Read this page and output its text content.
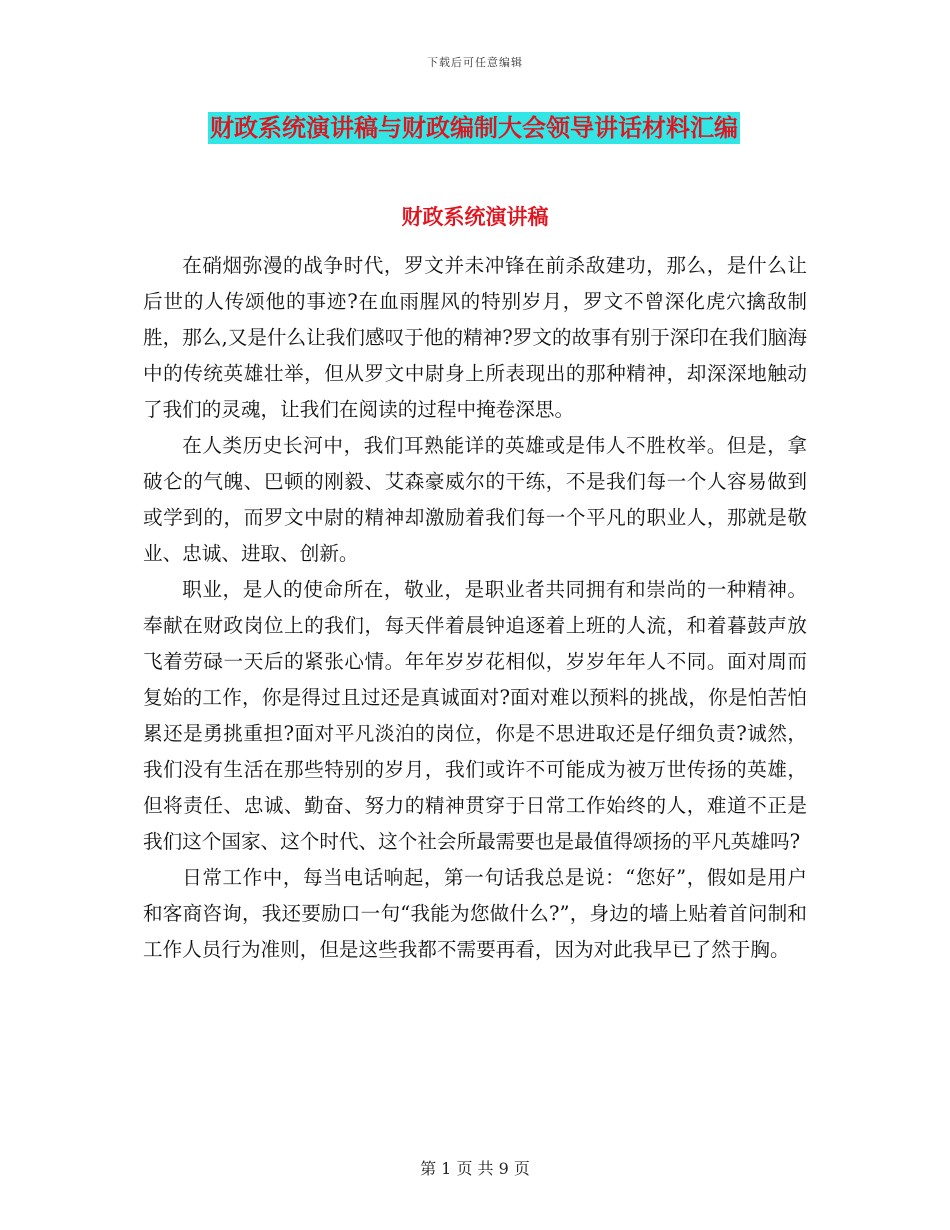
下载后可任意编辑
财政系统演讲稿与财政编制大会领导讲话材料汇编
财政系统演讲稿

在硝烟弥漫的战争时代，罗文并未冲锋在前杀敌建功，那么，是什么让后世的人传颂他的事迹?在血雨腥风的特别岁月，罗文不曾深化虎穴擒敌制胜，那么,又是什么让我们感叹于他的精神?罗文的故事有别于深印在我们脑海中的传统英雄壮举，但从罗文中尉身上所表现出的那种精神，却深深地触动了我们的灵魂，让我们在阅读的过程中掩卷深思。

在人类历史长河中，我们耳熟能详的英雄或是伟人不胜枚举。但是，拿破仑的气魄、巴顿的刚毅、艾森豪威尔的干练，不是我们每一个人容易做到或学到的，而罗文中尉的精神却激励着我们每一个平凡的职业人，那就是敬业、忠诚、进取、创新。

职业，是人的使命所在，敬业，是职业者共同拥有和崇尚的一种精神。奉献在财政岗位上的我们，每天伴着晨钟追逐着上班的人流，和着暮鼓声放飞着劳碌一天后的紧张心情。年年岁岁花相似，岁岁年年人不同。面对周而复始的工作，你是得过且过还是真诚面对?面对难以预料的挑战，你是怕苦怕累还是勇挑重担?面对平凡淡泊的岗位，你是不思进取还是仔细负责?诚然，我们没有生活在那些特别的岁月，我们或许不可能成为被万世传扬的英雄，但将责任、忠诚、勤奋、努力的精神贯穿于日常工作始终的人，难道不正是我们这个国家、这个时代、这个社会所最需要也是最值得颂扬的平凡英雄吗?

日常工作中，每当电话响起，第一句话我总是说：“您好”，假如是用户和客商咨询，我还要励口一句“我能为您做什么?”，身边的墙上贴着首问制和工作人员行为准则，但是这些我都不需要再看，因为对此我早已了然于胸。

第 1 页 共 9 页
